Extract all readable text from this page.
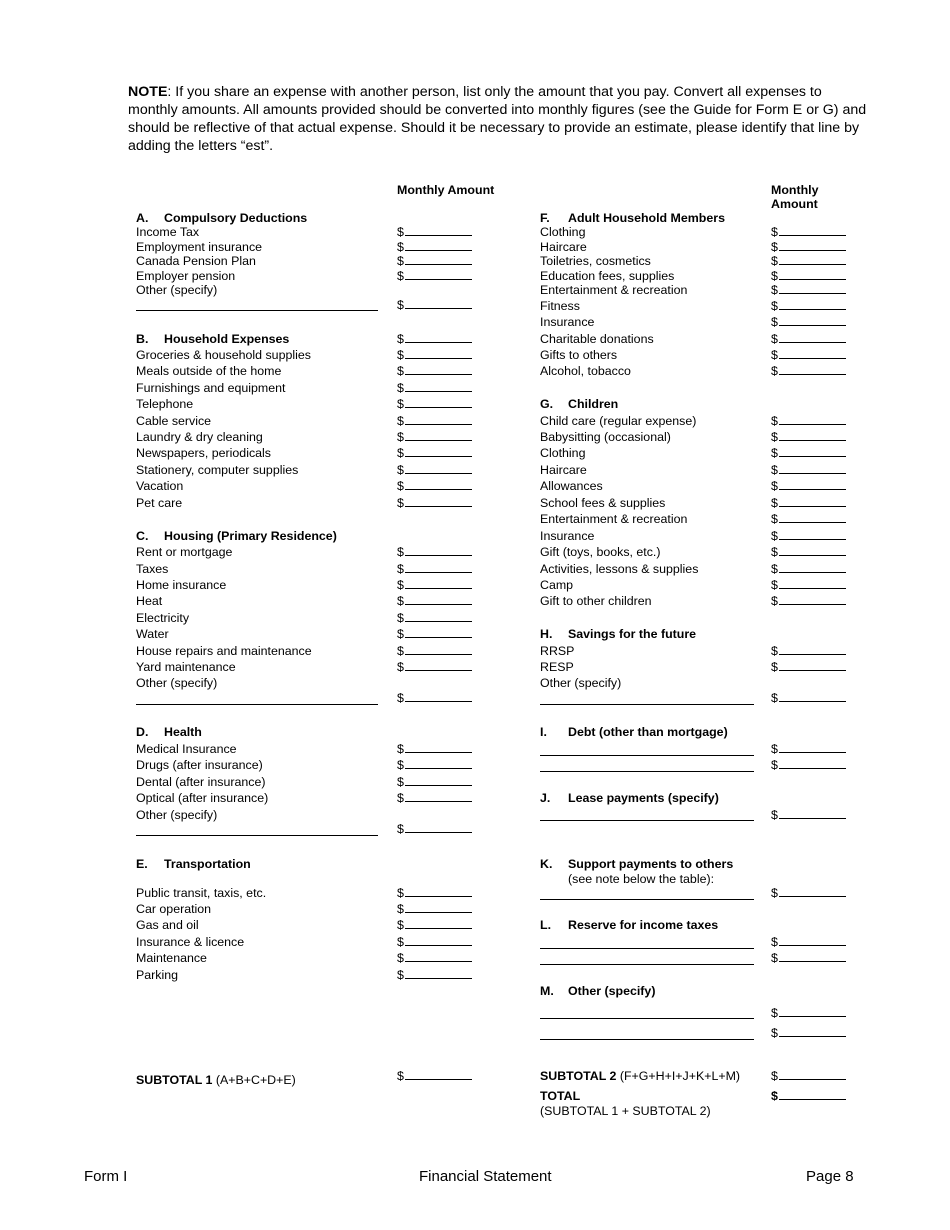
NOTE: If you share an expense with another person, list only the amount that you pay. Convert all expenses to monthly amounts. All amounts provided should be converted into monthly figures (see the Guide for Form E or G) and should be reflective of that actual expense. Should it be necessary to provide an estimate, please identify that line by adding the letters “est”.
Monthly Amount	Monthly Amount
A. Compulsory Deductions
Income Tax	$
Employment insurance	$
Canada Pension Plan	$
Employer pension	$
Other (specify)
$
B. Household Expenses	$
Groceries & household supplies	$
Meals outside of the home	$
Furnishings and equipment	$
Telephone	$
Cable service	$
Laundry & dry cleaning	$
Newspapers, periodicals	$
Stationery, computer supplies	$
Vacation	$
Pet care	$
C. Housing (Primary Residence)
Rent or mortgage	$
Taxes	$
Home insurance	$
Heat	$
Electricity	$
Water	$
House repairs and maintenance	$
Yard maintenance	$
Other (specify)
$
D. Health
Medical Insurance	$
Drugs (after insurance)	$
Dental (after insurance)	$
Optical (after insurance)	$
Other (specify)
$
E. Transportation
Public transit, taxis, etc.	$
Car operation	$
Gas and oil	$
Insurance & licence	$
Maintenance	$
Parking	$
F. Adult Household Members
Clothing	$
Haircare	$
Toiletries, cosmetics	$
Education fees, supplies	$
Entertainment & recreation	$
Fitness	$
Insurance	$
Charitable donations	$
Gifts to others	$
Alcohol, tobacco	$
G. Children
Child care (regular expense)	$
Babysitting (occasional)	$
Clothing	$
Haircare	$
Allowances	$
School fees & supplies	$
Entertainment & recreation	$
Insurance	$
Gift (toys, books, etc.)	$
Activities, lessons & supplies	$
Camp	$
Gift to other children	$
H. Savings for the future
RRSP	$
RESP	$
Other (specify)
$
I. Debt (other than mortgage)
$
$
J. Lease payments (specify)
$
K. Support payments to others
(see note below the table):
$
L. Reserve for income taxes
$
$
M. Other (specify)
$
$
SUBTOTAL 1 (A+B+C+D+E)	$	SUBTOTAL 2 (F+G+H+I+J+K+L+M) $
TOTAL	$
(SUBTOTAL 1 + SUBTOTAL 2)
Form I	Financial Statement	Page 8
